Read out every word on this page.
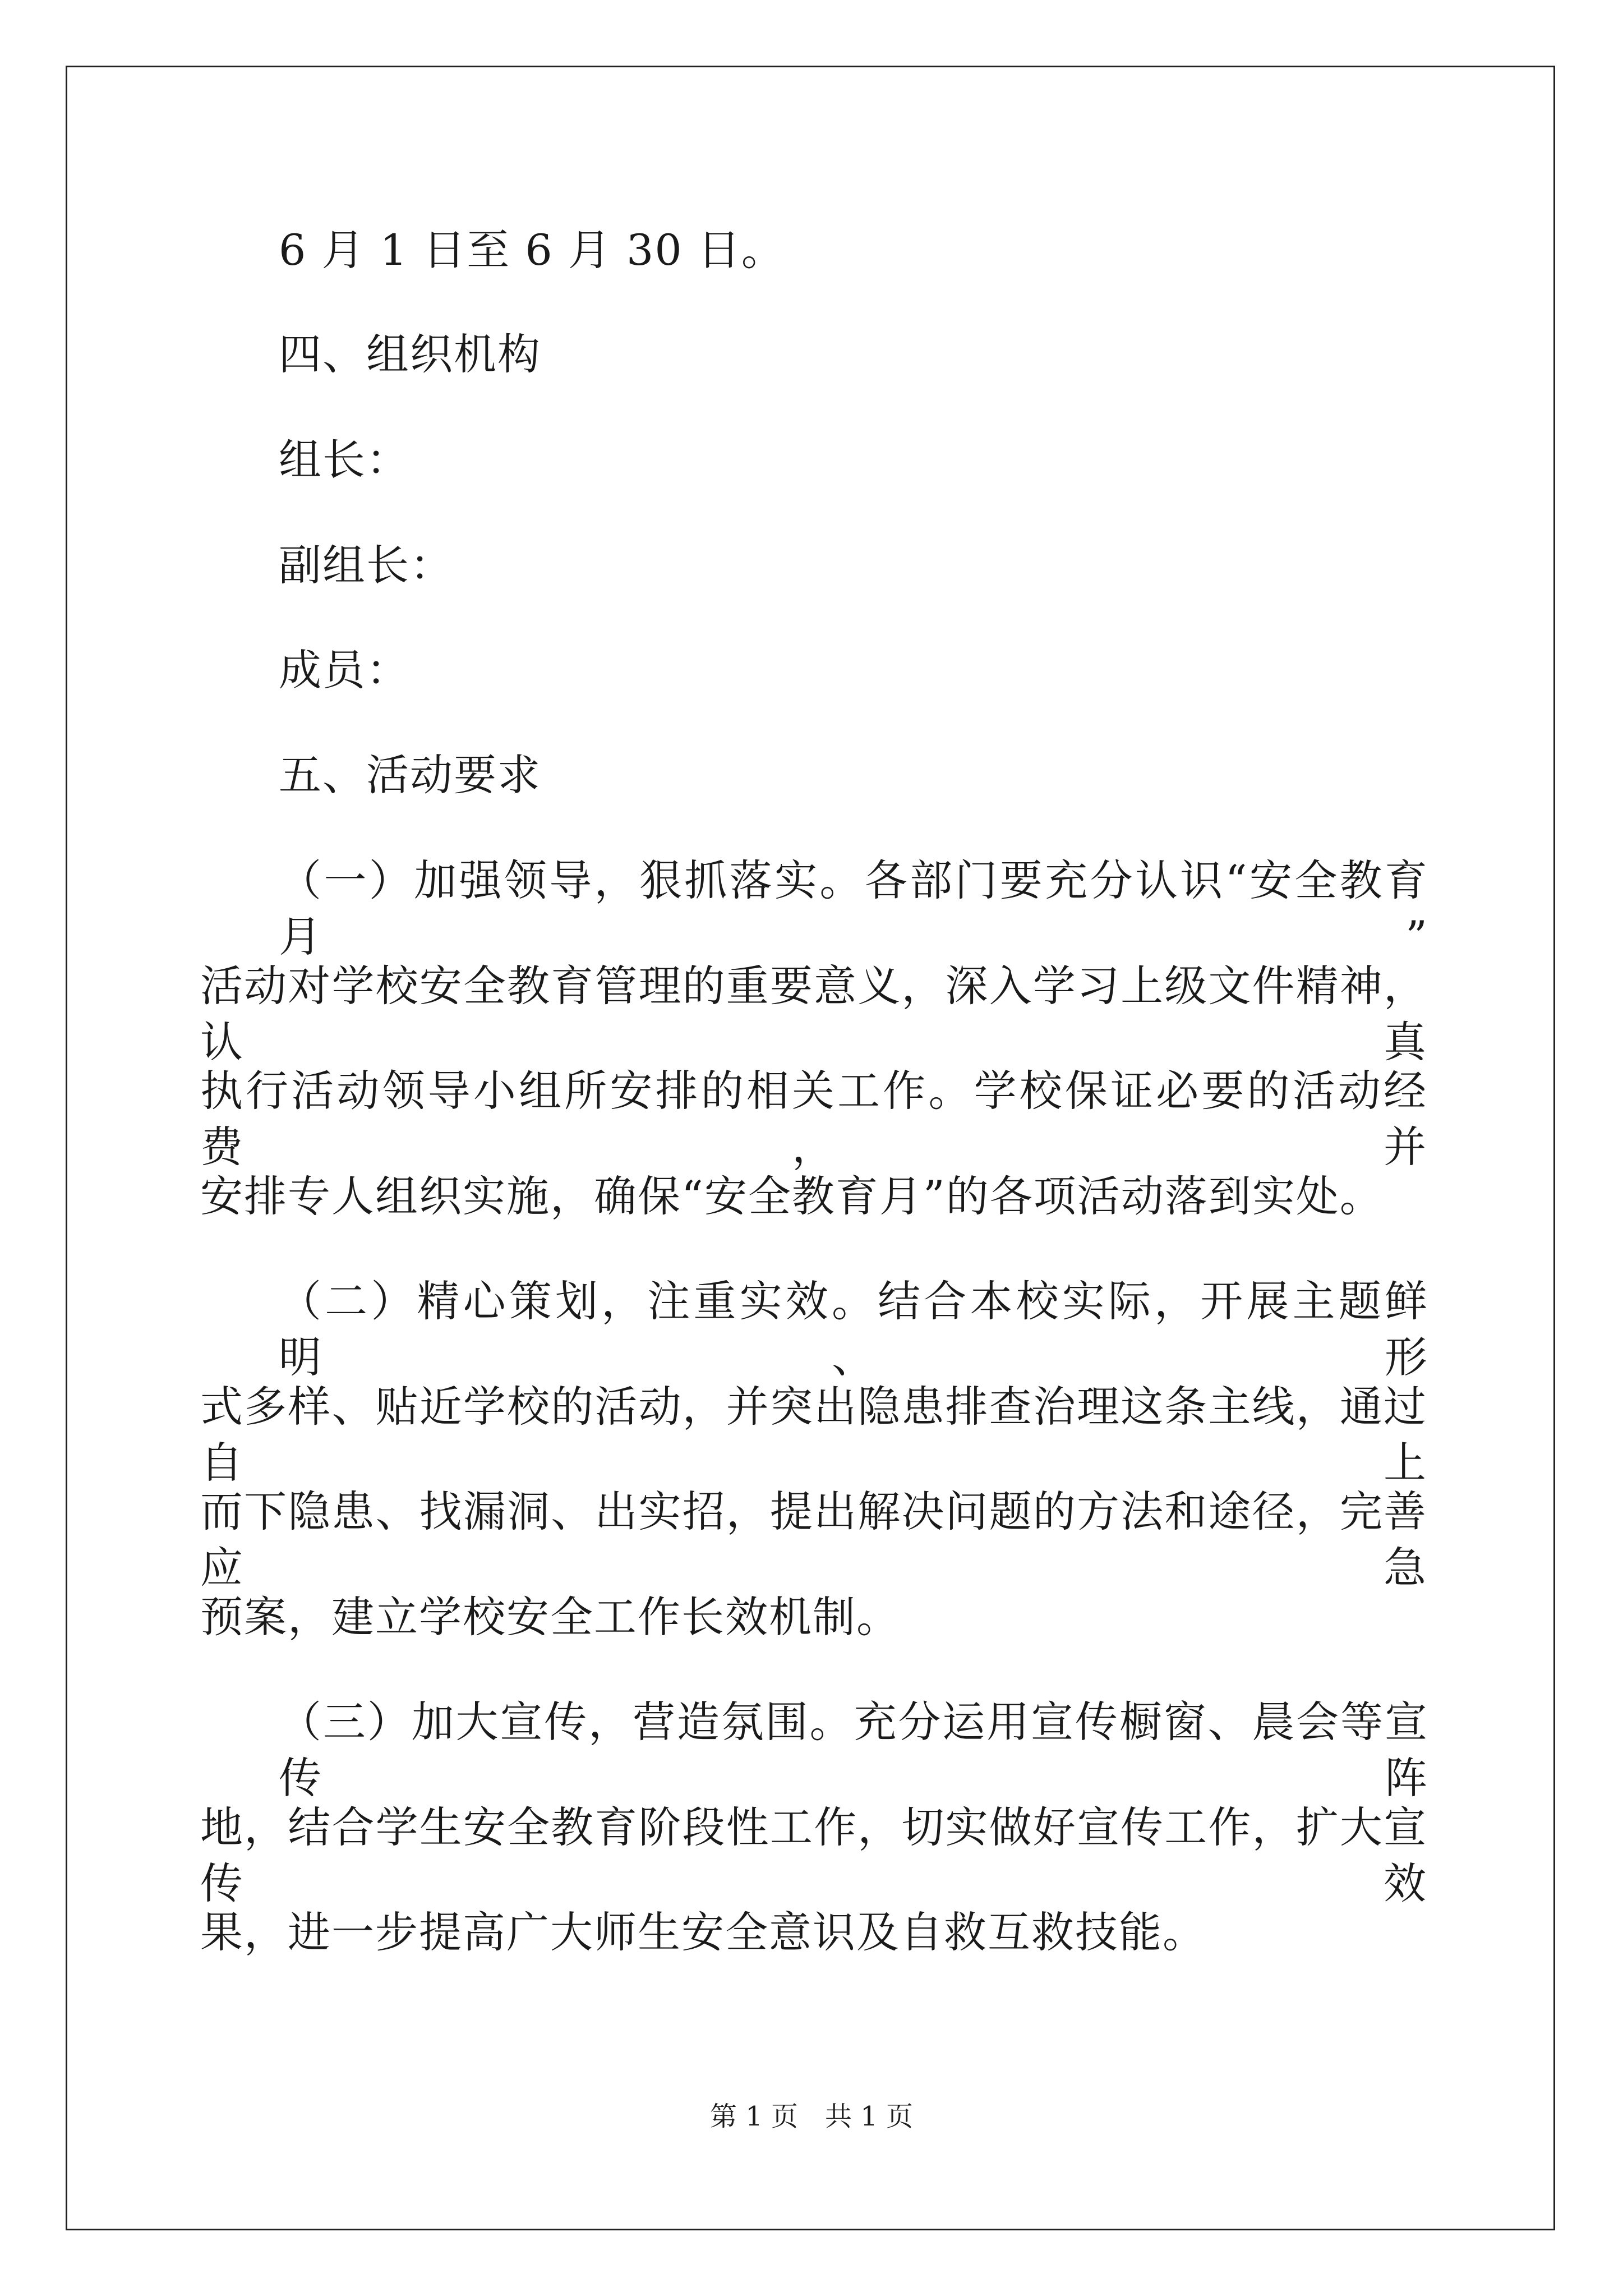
6 月 1 日至 6 月 30 日。
四、组织机构
组长：
副组长：
成员：
五、活动要求
（一）加强领导，狠抓落实。各部门要充分认识“安全教育月”
活动对学校安全教育管理的重要意义，深入学习上级文件精神，认真
执行活动领导小组所安排的相关工作。学校保证必要的活动经费，并
安排专人组织实施，确保“安全教育月”的各项活动落到实处。
（二）精心策划，注重实效。结合本校实际，开展主题鲜明、形
式多样、贴近学校的活动，并突出隐患排查治理这条主线，通过自上
而下隐患、找漏洞、出实招，提出解决问题的方法和途径，完善应急
预案，建立学校安全工作长效机制。
（三）加大宣传，营造氛围。充分运用宣传橱窗、晨会等宣传阵
地，结合学生安全教育阶段性工作，切实做好宣传工作，扩大宣传效
果，进一步提高广大师生安全意识及自救互救技能。
第 1 页　共 1 页
